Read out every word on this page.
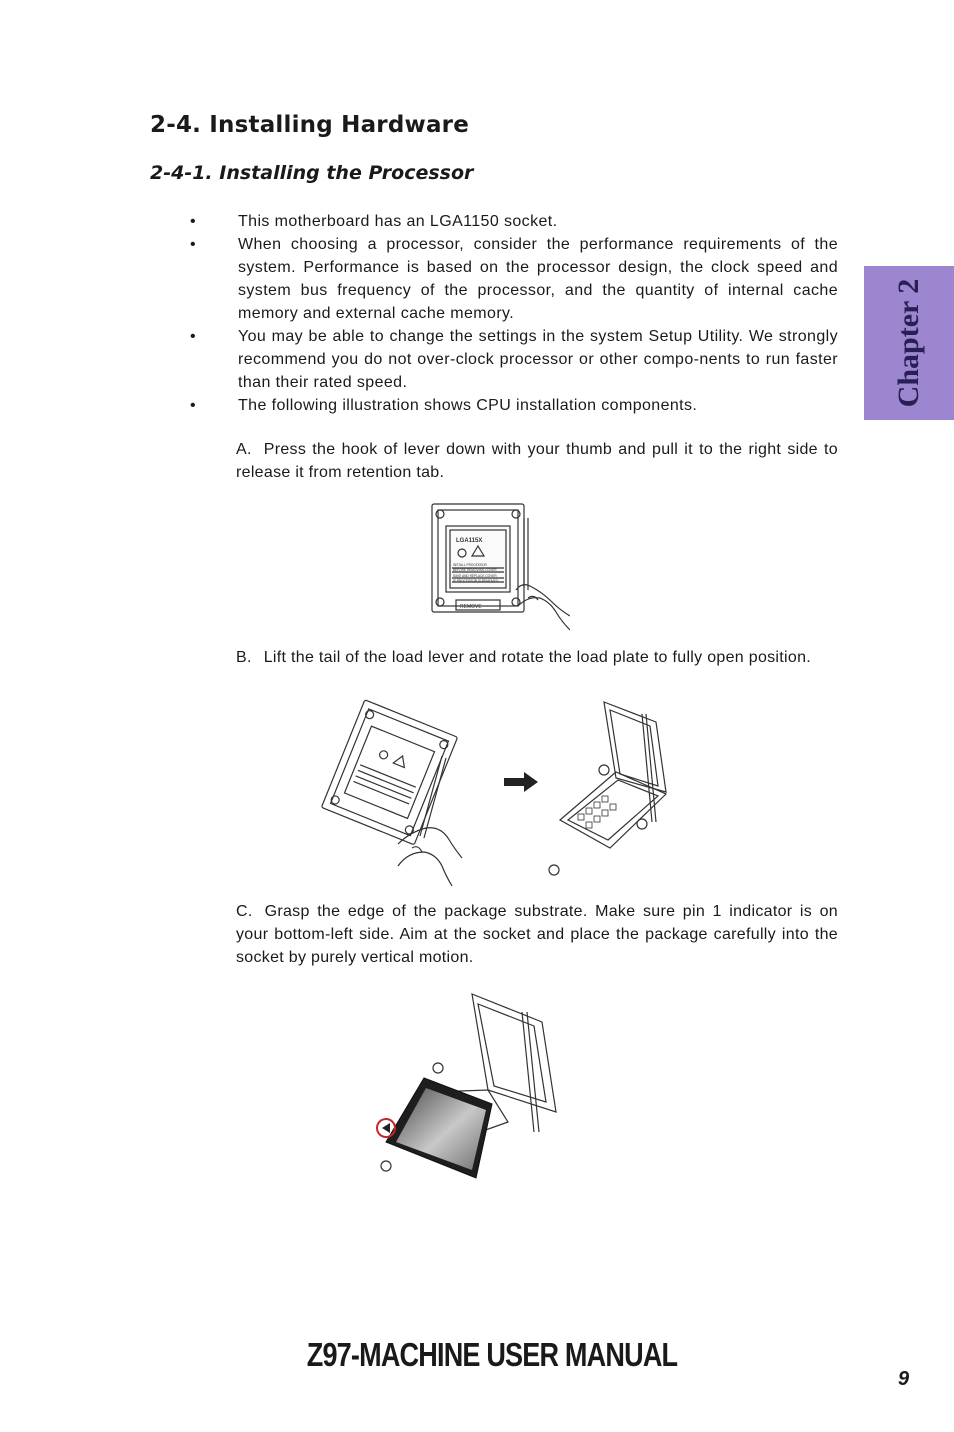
2-4. Installing Hardware
2-4-1. Installing the Processor
•	This motherboard has an LGA1150 socket.
•	When choosing a processor, consider the performance requirements of the system. Performance is based on the processor design, the clock speed and system bus frequency of the processor, and the quantity of internal cache memory and external cache memory.
•	You may be able to change the settings in the system Setup Utility. We strongly recommend you do not over-clock processor or other compo-nents to run faster than their rated speed.
•	The following illustration shows CPU installation components.

A. Press the hook of lever down with your thumb and pull it to the right side to release it from retention tab.

LGA115X
INSTALL PROCESSOR
BEFORE REMOVING COVER
SAVE AND REPLACE COVER
IF PROCESSOR IS REMOVED
REMOVE

B. Lift the tail of the load lever and rotate the load plate to fully open position.

C. Grasp the edge of the package substrate. Make sure pin 1 indicator is on your bottom-left side. Aim at the socket and place the package carefully into the socket by purely vertical motion.

Chapter 2
Z97-MACHINE USER MANUAL
9
